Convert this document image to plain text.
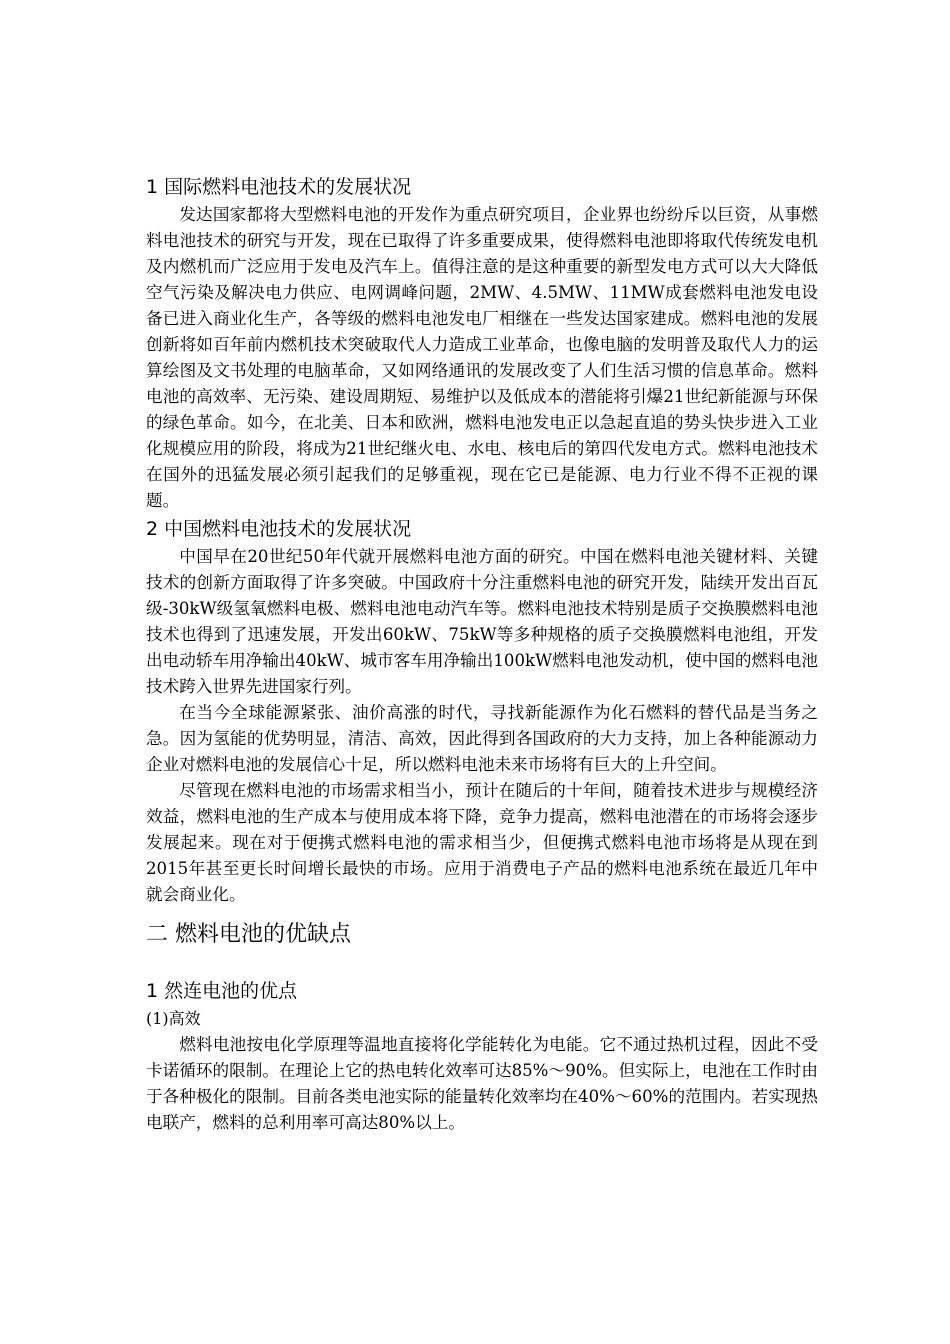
1 国际燃料电池技术的发展状况

发达国家都将大型燃料电池的开发作为重点研究项目，企业界也纷纷斥以巨资，从事燃料电池技术的研究与开发，现在已取得了许多重要成果，使得燃料电池即将取代传统发电机及内燃机而广泛应用于发电及汽车上。值得注意的是这种重要的新型发电方式可以大大降低空气污染及解决电力供应、电网调峰问题，2MW、4.5MW、11MW成套燃料电池发电设备已进入商业化生产，各等级的燃料电池发电厂相继在一些发达国家建成。燃料电池的发展创新将如百年前内燃机技术突破取代人力造成工业革命，也像电脑的发明普及取代人力的运算绘图及文书处理的电脑革命，又如网络通讯的发展改变了人们生活习惯的信息革命。燃料电池的高效率、无污染、建设周期短、易维护以及低成本的潜能将引爆21世纪新能源与环保的绿色革命。如今，在北美、日本和欧洲，燃料电池发电正以急起直追的势头快步进入工业化规模应用的阶段，将成为21世纪继火电、水电、核电后的第四代发电方式。燃料电池技术在国外的迅猛发展必须引起我们的足够重视，现在它已是能源、电力行业不得不正视的课题。

2 中国燃料电池技术的发展状况

中国早在20世纪50年代就开展燃料电池方面的研究。中国在燃料电池关键材料、关键技术的创新方面取得了许多突破。中国政府十分注重燃料电池的研究开发，陆续开发出百瓦级-30kW级氢氧燃料电极、燃料电池电动汽车等。燃料电池技术特别是质子交换膜燃料电池技术也得到了迅速发展，开发出60kW、75kW等多种规格的质子交换膜燃料电池组，开发出电动轿车用净输出40kW、城市客车用净输出100kW燃料电池发动机，使中国的燃料电池技术跨入世界先进国家行列。

在当今全球能源紧张、油价高涨的时代，寻找新能源作为化石燃料的替代品是当务之急。因为氢能的优势明显，清洁、高效，因此得到各国政府的大力支持，加上各种能源动力企业对燃料电池的发展信心十足，所以燃料电池未来市场将有巨大的上升空间。

尽管现在燃料电池的市场需求相当小，预计在随后的十年间，随着技术进步与规模经济效益，燃料电池的生产成本与使用成本将下降，竞争力提高，燃料电池潜在的市场将会逐步发展起来。现在对于便携式燃料电池的需求相当少，但便携式燃料电池市场将是从现在到2015年甚至更长时间增长最快的市场。应用于消费电子产品的燃料电池系统在最近几年中就会商业化。

二 燃料电池的优缺点
1 然连电池的优点

(1)高效

燃料电池按电化学原理等温地直接将化学能转化为电能。它不通过热机过程，因此不受卡诺循环的限制。在理论上它的热电转化效率可达85%～90%。但实际上，电池在工作时由于各种极化的限制。目前各类电池实际的能量转化效率均在40%～60%的范围内。若实现热电联产，燃料的总利用率可高达80%以上。
